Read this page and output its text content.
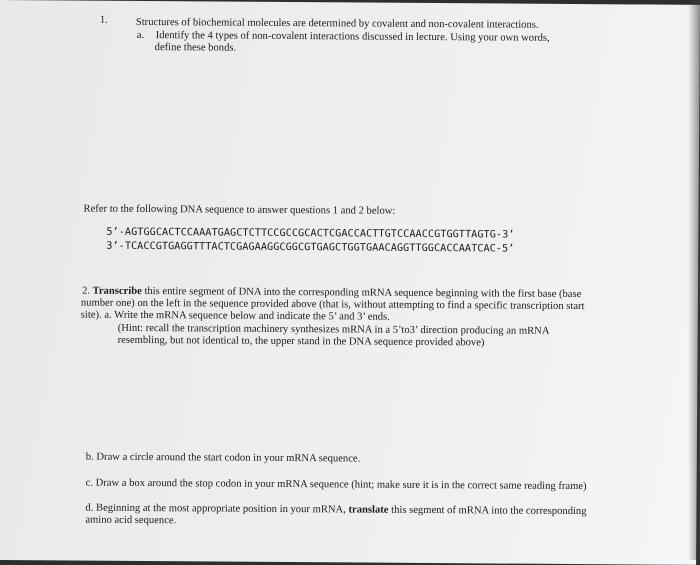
1.	Structures of biochemical molecules are determined by covalent and non-covalent interactions.
a. Identify the 4 types of non-covalent interactions discussed in lecture. Using your own words,
define these bonds.
Refer to the following DNA sequence to answer questions 1 and 2 below:
5’-AGTGGCACTCCAAATGAGCTCTTCCGCCGCACTCGACCACTTGTCCAACCGTGGTTAGTG-3’
3’-TCACCGTGAGGTTTACTCGAGAAGGCGGCGTGAGCTGGTGAACAGGTTGGCACCAATCAC-5’
2. Transcribe this entire segment of DNA into the corresponding mRNA sequence beginning with the first base (base
number one) on the left in the sequence provided above (that is, without attempting to find a specific transcription start
site). a. Write the mRNA sequence below and indicate the 5’ and 3’ ends.
(Hint: recall the transcription machinery synthesizes mRNA in a 5’to3’ direction producing an mRNA
resembling, but not identical to, the upper stand in the DNA sequence provided above)
b. Draw a circle around the start codon in your mRNA sequence.
c. Draw a box around the stop codon in your mRNA sequence (hint; make sure it is in the correct same reading frame)
d. Beginning at the most appropriate position in your mRNA, translate this segment of mRNA into the corresponding
amino acid sequence.
